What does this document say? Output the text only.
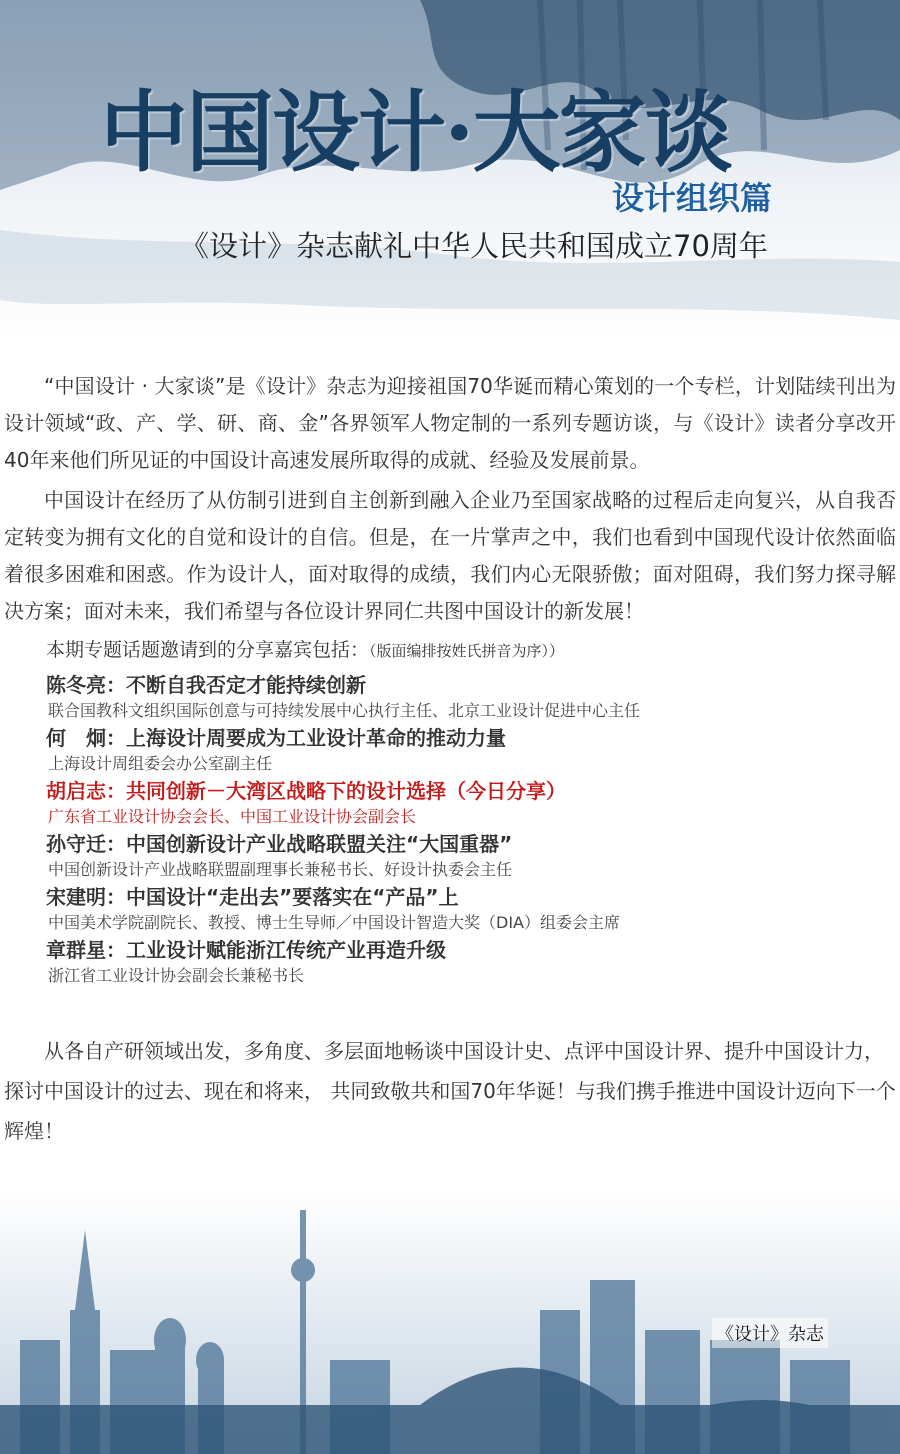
中国设计·大家谈
设计组织篇
《设计》杂志献礼中华人民共和国成立70周年

“中国设计 · 大家谈”是《设计》杂志为迎接祖国70华诞而精心策划的一个专栏，计划陆续刊出为设计领域“政、产、学、研、商、金”各界领军人物定制的一系列专题访谈，与《设计》读者分享改开40年来他们所见证的中国设计高速发展所取得的成就、经验及发展前景。

中国设计在经历了从仿制引进到自主创新到融入企业乃至国家战略的过程后走向复兴，从自我否定转变为拥有文化的自觉和设计的自信。但是，在一片掌声之中，我们也看到中国现代设计依然面临着很多困难和困惑。作为设计人，面对取得的成绩，我们内心无限骄傲；面对阻碍，我们努力探寻解决方案；面对未来，我们希望与各位设计界同仁共图中国设计的新发展！

本期专题话题邀请到的分享嘉宾包括：（版面编排按姓氏拼音为序））
陈冬亮：不断自我否定才能持续创新
联合国教科文组织国际创意与可持续发展中心执行主任、北京工业设计促进中心主任
何　炯：上海设计周要成为工业设计革命的推动力量
上海设计周组委会办公室副主任
胡启志：共同创新－大湾区战略下的设计选择（今日分享）
广东省工业设计协会会长、中国工业设计协会副会长
孙守迁：中国创新设计产业战略联盟关注“大国重器”
中国创新设计产业战略联盟副理事长兼秘书长、好设计执委会主任
宋建明：中国设计“走出去”要落实在“产品”上
中国美术学院副院长、教授、博士生导师／中国设计智造大奖（DIA）组委会主席
章群星：工业设计赋能浙江传统产业再造升级
浙江省工业设计协会副会长兼秘书长

从各自产研领域出发，多角度、多层面地畅谈中国设计史、点评中国设计界、提升中国设计力，探讨中国设计的过去、现在和将来， 共同致敬共和国70年华诞！与我们携手推进中国设计迈向下一个辉煌！

《设计》杂志
